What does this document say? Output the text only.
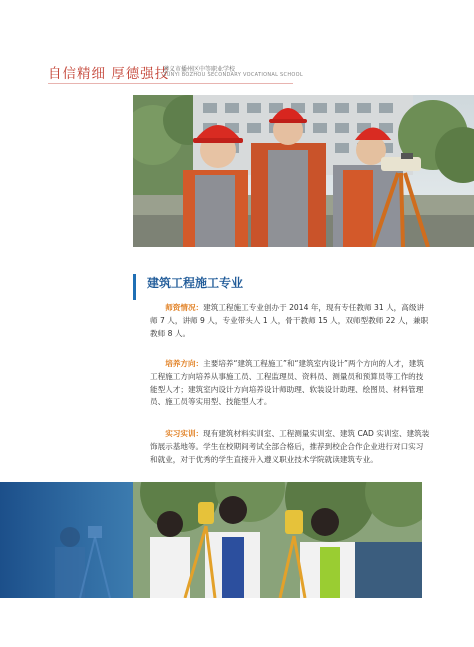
自信精细 厚德强技
遵义市播州区中等职业学校
ZUNYI BOZHOU SECONDARY VOCATIONAL SCHOOL
建筑工程施工专业
师资情况：建筑工程施工专业创办于 2014 年，现有专任教师 31 人，高级讲师 7 人，讲师 9 人，专业带头人 1 人，骨干教师 15 人，双师型教师 22 人，兼职教师 8 人。
培养方向：主要培养“建筑工程施工”和“建筑室内设计”两个方向的人才，建筑工程施工方向培养从事施工员、工程监理员、资料员、测量员和预算员等工作的技能型人才；建筑室内设计方向培养设计师助理、软装设计助理、绘图员、材料管理员、施工员等实用型、技能型人才。
实习实训：现有建筑材料实训室、工程测量实训室、建筑 CAD 实训室、建筑装饰展示基地等。学生在校期间考试全部合格后，推荐到校企合作企业进行对口实习和就业，对于优秀的学生直接升入遵义职业技术学院就读建筑专业。
